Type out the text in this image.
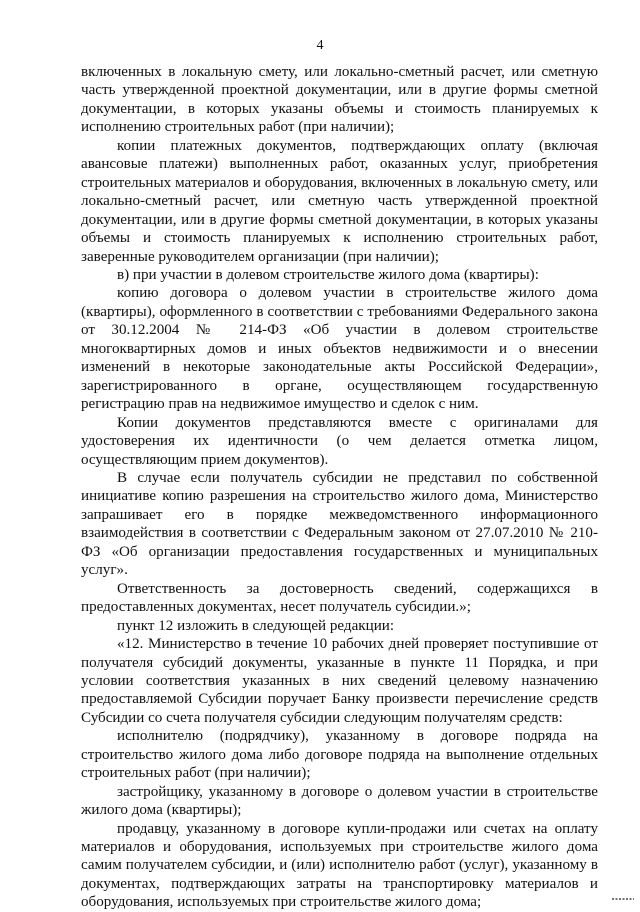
4

включенных в локальную смету, или локально-сметный расчет, или сметную часть утвержденной проектной документации, или в другие формы сметной документации, в которых указаны объемы и стоимость планируемых к исполнению строительных работ (при наличии);

копии платежных документов, подтверждающих оплату (включая авансовые платежи) выполненных работ, оказанных услуг, приобретения строительных материалов и оборудования, включенных в локальную смету, или локально-сметный расчет, или сметную часть утвержденной проектной документации, или в другие формы сметной документации, в которых указаны объемы и стоимость планируемых к исполнению строительных работ, заверенные руководителем организации (при наличии);

в) при участии в долевом строительстве жилого дома (квартиры):

копию договора о долевом участии в строительстве жилого дома (квартиры), оформленного в соответствии с требованиями Федерального закона от 30.12.2004 № 214-ФЗ «Об участии в долевом строительстве многоквартирных домов и иных объектов недвижимости и о внесении изменений в некоторые законодательные акты Российской Федерации», зарегистрированного в органе, осуществляющем государственную регистрацию прав на недвижимое имущество и сделок с ним.

Копии документов представляются вместе с оригиналами для удостоверения их идентичности (о чем делается отметка лицом, осуществляющим прием документов).

В случае если получатель субсидии не представил по собственной инициативе копию разрешения на строительство жилого дома, Министерство запрашивает его в порядке межведомственного информационного взаимодействия в соответствии с Федеральным законом от 27.07.2010 № 210-ФЗ «Об организации предоставления государственных и муниципальных услуг».

Ответственность за достоверность сведений, содержащихся в предоставленных документах, несет получатель субсидии.»;

пункт 12 изложить в следующей редакции:

«12. Министерство в течение 10 рабочих дней проверяет поступившие от получателя субсидий документы, указанные в пункте 11 Порядка, и при условии соответствия указанных в них сведений целевому назначению предоставляемой Субсидии поручает Банку произвести перечисление средств Субсидии со счета получателя субсидии следующим получателям средств:

исполнителю (подрядчику), указанному в договоре подряда на строительство жилого дома либо договоре подряда на выполнение отдельных строительных работ (при наличии);

застройщику, указанному в договоре о долевом участии в строительстве жилого дома (квартиры);

продавцу, указанному в договоре купли-продажи или счетах на оплату материалов и оборудования, используемых при строительстве жилого дома самим получателем субсидии, и (или) исполнителю работ (услуг), указанному в документах, подтверждающих затраты на транспортировку материалов и оборудования, используемых при строительстве жилого дома;
